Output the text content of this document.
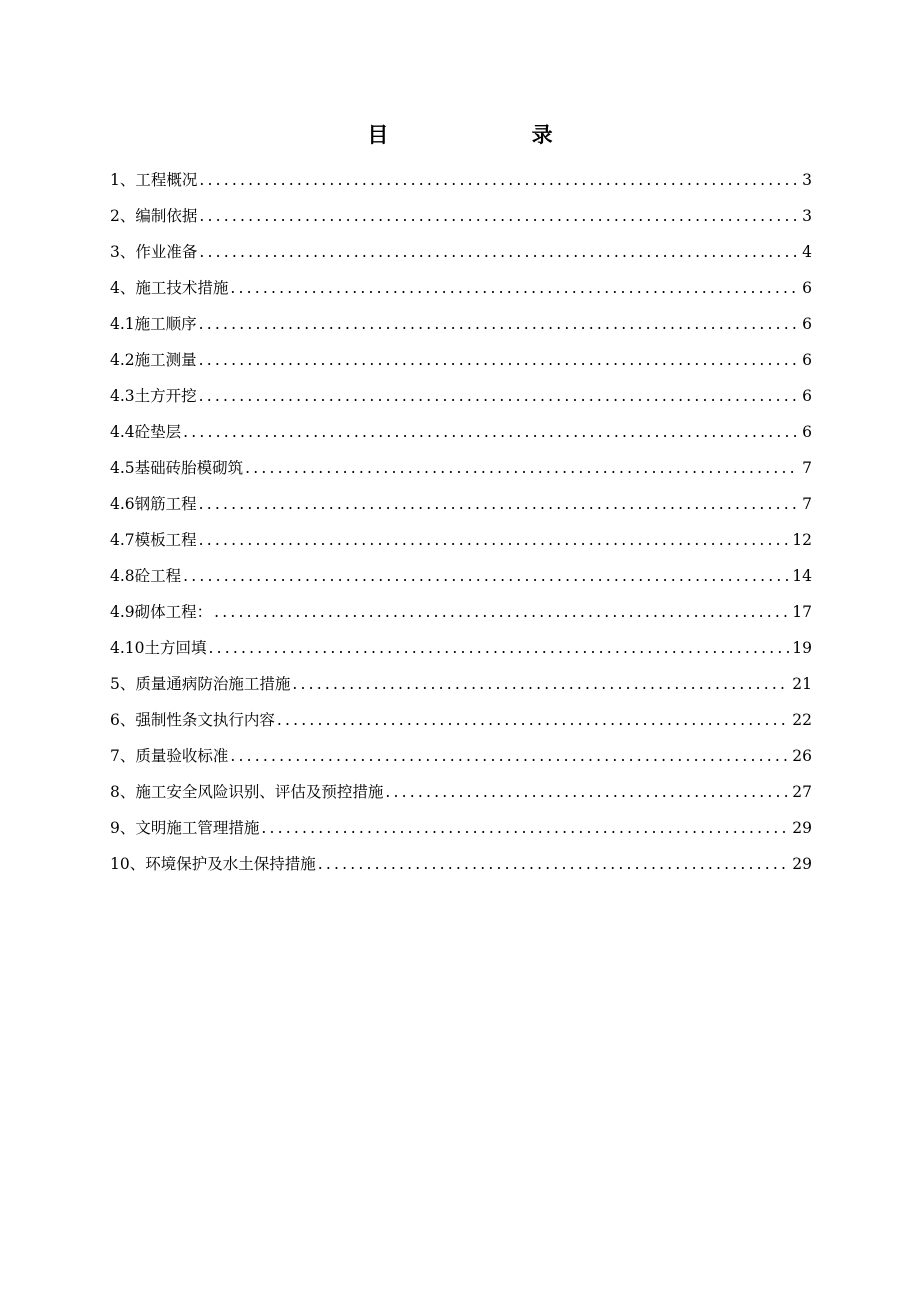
目 录
1、工程概况 .....	3
2、编制依据 .....	3
3、作业准备 .....	4
4、施工技术措施 .....	6
4.1施工顺序 .....	6
4.2施工测量 .....	6
4.3土方开挖 .....	6
4.4砼垫层 .....	6
4.5基础砖胎模砌筑 .....	7
4.6钢筋工程 .....	7
4.7模板工程 .....	12
4.8砼工程 .....	14
4.9砌体工程： .....	17
4.10土方回填 .....	19
5、质量通病防治施工措施 .....	21
6、强制性条文执行内容 .....	22
7、质量验收标准 .....	26
8、施工安全风险识别、评估及预控措施 .....	27
9、文明施工管理措施 .....	29
10、环境保护及水土保持措施 .....	29
